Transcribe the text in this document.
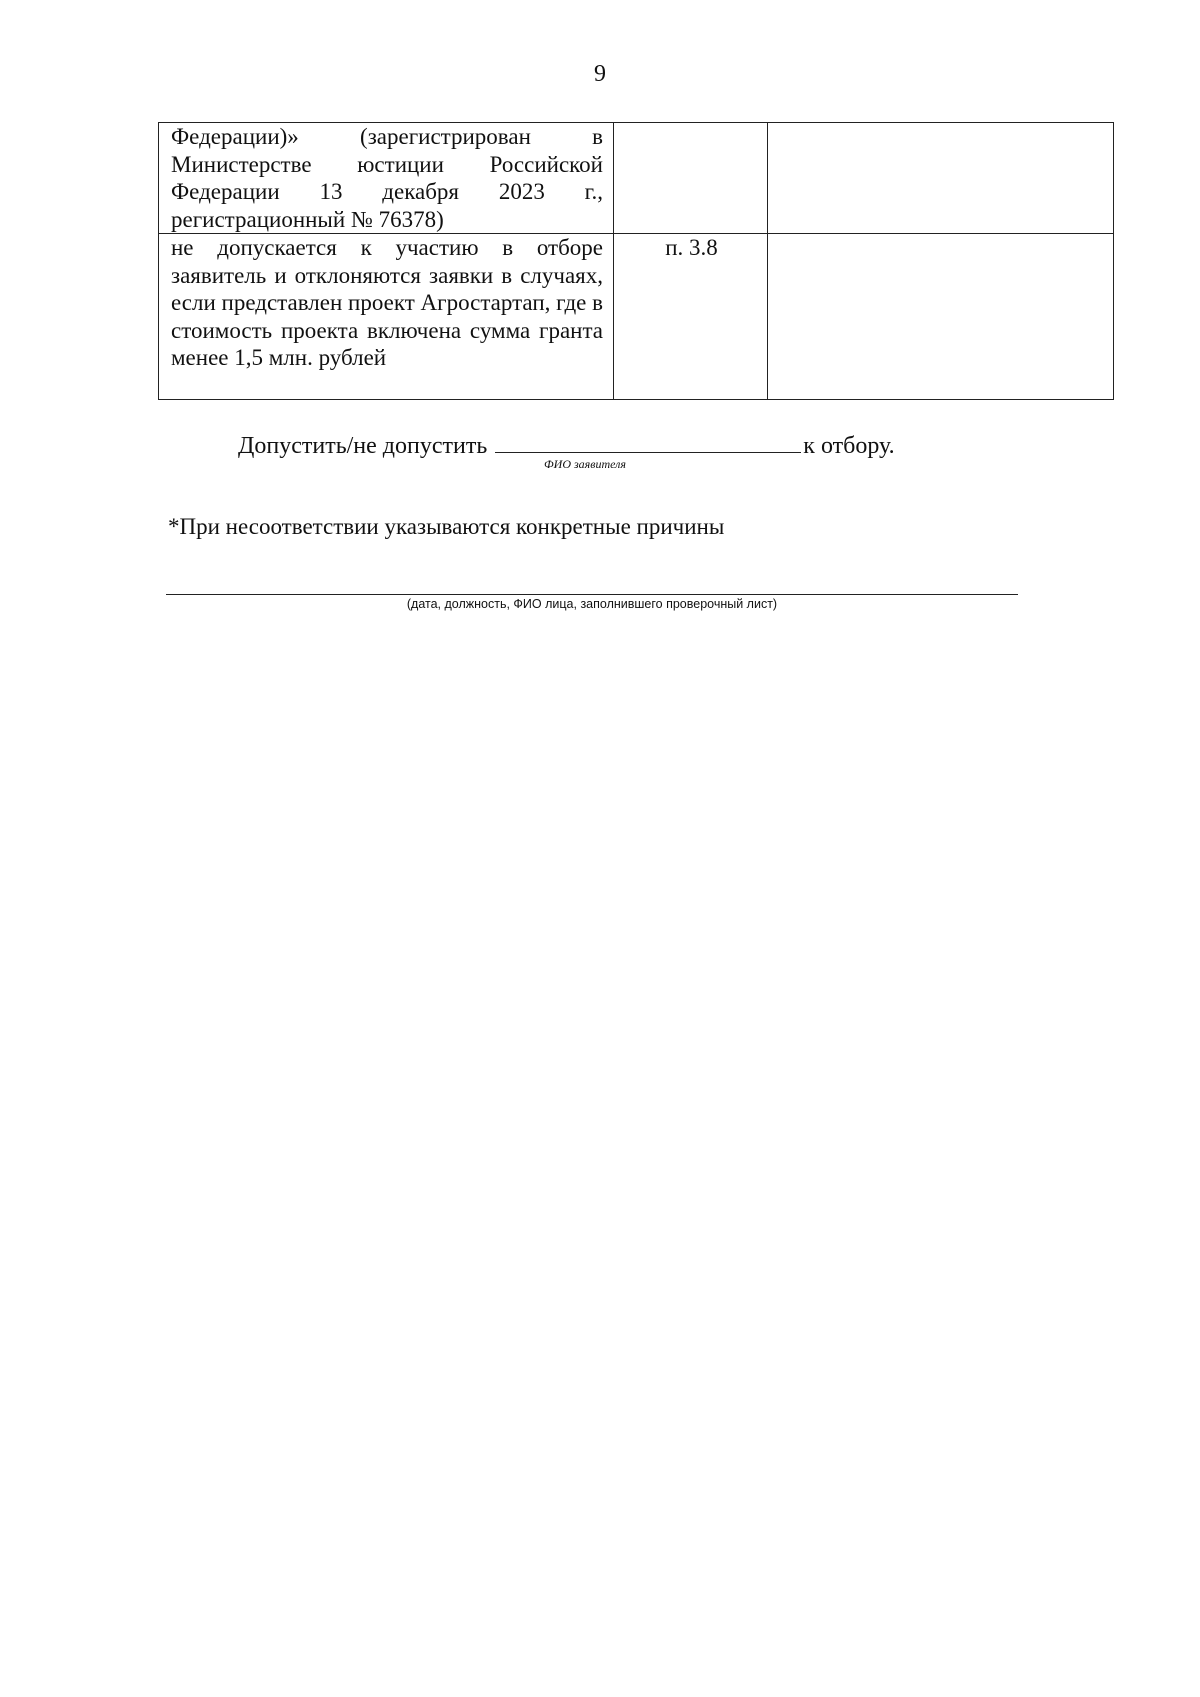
9
Федерации)» (зарегистрирован в Министерстве юстиции Российской Федерации 13 декабря 2023 г., регистрационный № 76378)		
не допускается к участию в отборе заявитель и отклоняются заявки в случаях, если представлен проект Агростартап, где в стоимость проекта включена сумма гранта менее 1,5 млн. рублей	п. 3.8	
Допустить/не допустить	к отбору.
ФИО заявителя
*При несоответствии указываются конкретные причины
(дата, должность, ФИО лица, заполнившего проверочный лист)
